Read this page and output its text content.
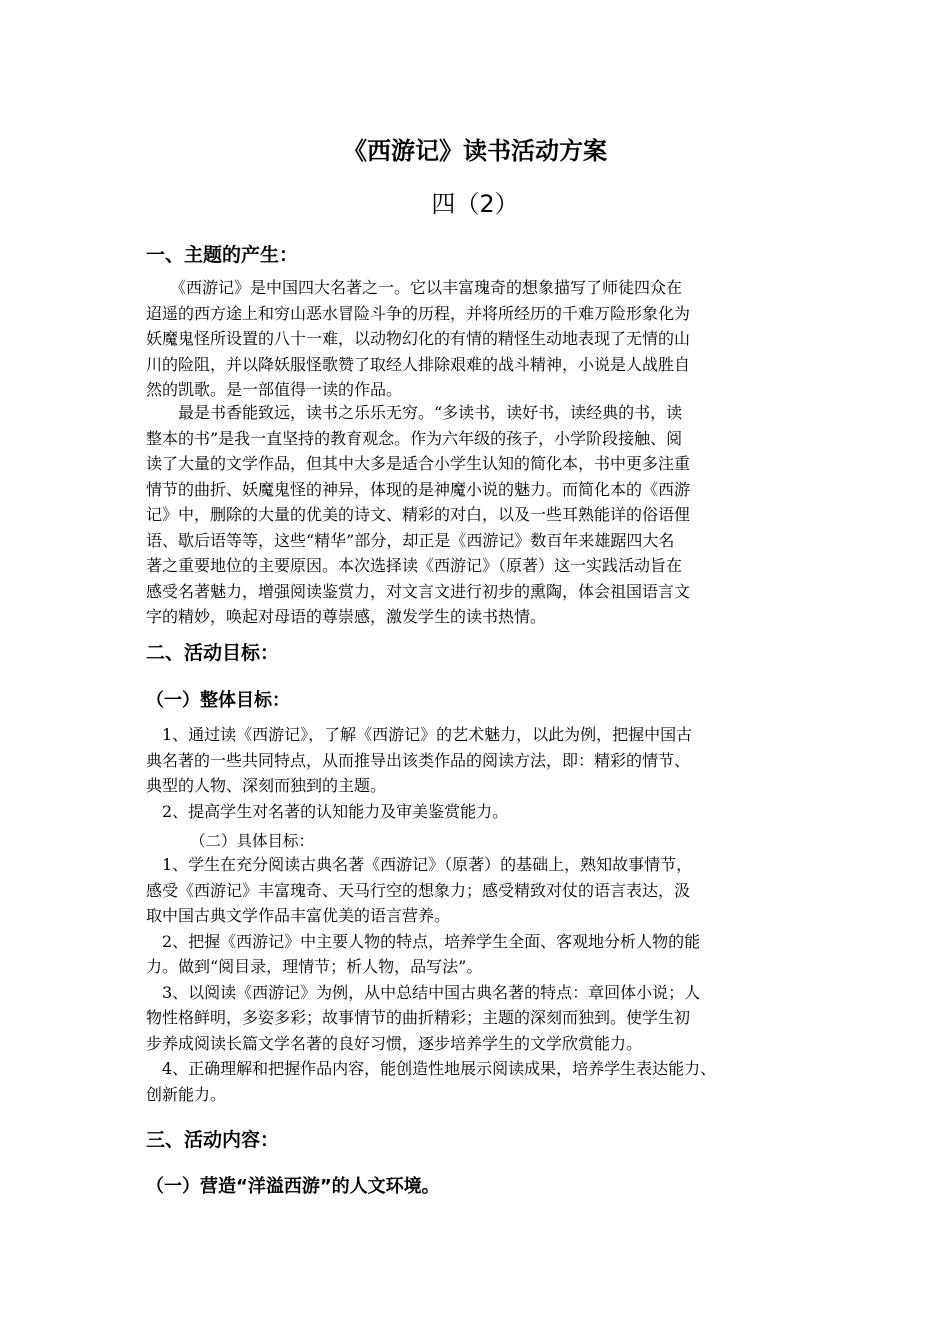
《西游记》读书活动方案
四（2）
一、主题的产生：
　　《西游记》是中国四大名著之一。它以丰富瑰奇的想象描写了师徒四众在
迢遥的西方途上和穷山恶水冒险斗争的历程，并将所经历的千难万险形象化为
妖魔鬼怪所设置的八十一难，以动物幻化的有情的精怪生动地表现了无情的山
川的险阻，并以降妖服怪歌赞了取经人排除艰难的战斗精神，小说是人战胜自
然的凯歌。是一部值得一读的作品。
　　最是书香能致远，读书之乐乐无穷。“多读书，读好书，读经典的书，读
整本的书”是我一直坚持的教育观念。作为六年级的孩子，小学阶段接触、阅
读了大量的文学作品，但其中大多是适合小学生认知的简化本，书中更多注重
情节的曲折、妖魔鬼怪的神异，体现的是神魔小说的魅力。而简化本的《西游
记》中，删除的大量的优美的诗文、精彩的对白，以及一些耳熟能详的俗语俚
语、歇后语等等，这些“精华”部分，却正是《西游记》数百年来雄踞四大名
著之重要地位的主要原因。本次选择读《西游记》（原著）这一实践活动旨在
感受名著魅力，增强阅读鉴赏力，对文言文进行初步的熏陶，体会祖国语言文
字的精妙，唤起对母语的尊崇感，激发学生的读书热情。
二、活动目标：
（一）整体目标：
　1、通过读《西游记》，了解《西游记》的艺术魅力，以此为例，把握中国古
典名著的一些共同特点，从而推导出该类作品的阅读方法，即：精彩的情节、
典型的人物、深刻而独到的主题。
　2、提高学生对名著的认知能力及审美鉴赏能力。
（二）具体目标：
　1、学生在充分阅读古典名著《西游记》（原著）的基础上，熟知故事情节，
感受《西游记》丰富瑰奇、天马行空的想象力；感受精致对仗的语言表达，汲
取中国古典文学作品丰富优美的语言营养。
　2、把握《西游记》中主要人物的特点，培养学生全面、客观地分析人物的能
力。做到“阅目录，理情节；析人物，品写法”。
　3、以阅读《西游记》为例，从中总结中国古典名著的特点：章回体小说；人
物性格鲜明，多姿多彩；故事情节的曲折精彩；主题的深刻而独到。使学生初
步养成阅读长篇文学名著的良好习惯，逐步培养学生的文学欣赏能力。
　4、正确理解和把握作品内容，能创造性地展示阅读成果，培养学生表达能力、
创新能力。
三、活动内容：
（一）营造“洋溢西游”的人文环境。
